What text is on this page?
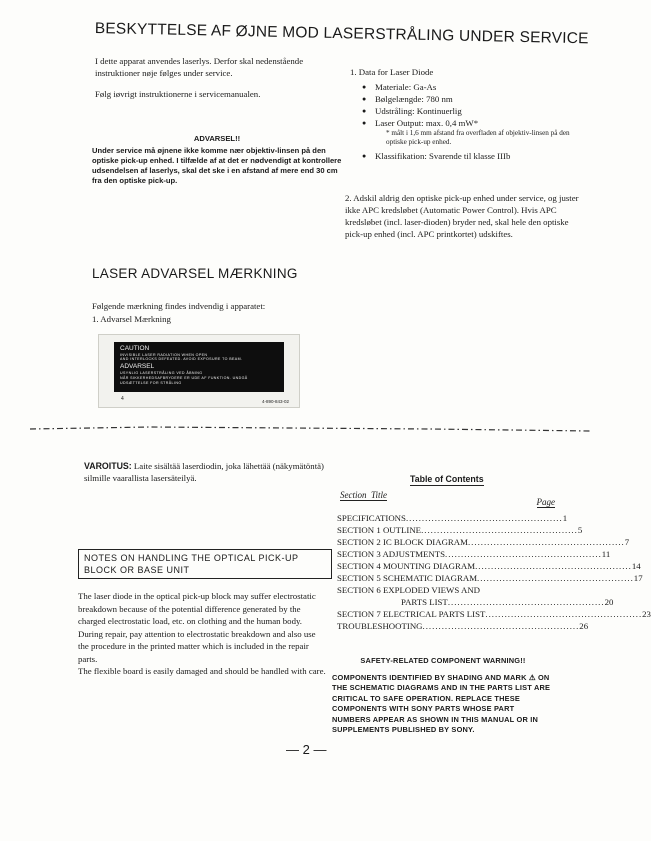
BESKYTTELSE AF ØJNE MOD LASERSTRÅLING UNDER SERVICE

I dette apparat anvendes laserlys. Derfor skal nedenstående instruktioner nøje følges under service.

Følg iøvrigt instruktionerne i servicemanualen.

ADVARSEL!!
Under service må øjnene ikke komme nær objektiv-linsen på den optiske pick-up enhed. I tilfælde af at det er nødvendigt at kontrollere udsendelsen af laserlys, skal det ske i en afstand af mere end 30 cm fra den optiske pick-up.
1. Data for Laser Diode
● Materiale: Ga-As
● Bølgelængde: 780 nm
● Udstråling: Kontinuerlig
● Laser Output: max. 0,4 mW*
* målt i 1,6 mm afstand fra overfladen af objektiv-linsen på den optiske pick-up enhed.
● Klassifikation: Svarende til klasse IIIb
2. Adskil aldrig den optiske pick-up enhed under service, og juster ikke APC kredsløbet (Automatic Power Control). Hvis APC kredsløbet (incl. laser-dioden) bryder ned, skal hele den optiske pick-up enhed (incl. APC printkortet) udskiftes.
LASER ADVARSEL MÆRKNING
Følgende mærkning findes indvendig i apparatet:
1. Advarsel Mærkning
CAUTION
INVISIBLE LASER RADIATION WHEN OPEN
AND INTERLOCKS DEFEATED. AVOID EXPOSURE TO BEAM.
ADVARSEL
USYNLIG LASERSTRÅLING VED ÅBNING
NÅR SIKKERHEDSAFBRYDERE ER UDE AF FUNKTION. UNDGÅ
UDSÆTTELSE FOR STRÅLING
4	4-890-843-02
VAROITUS: Laite sisältää laserdiodin, joka lähettää (näkymätöntä) silmille vaarallista lasersäteilyä.
NOTES ON HANDLING THE OPTICAL PICK-UP BLOCK OR BASE UNIT
The laser diode in the optical pick-up block may suffer electrostatic breakdown because of the potential difference generated by the charged electrostatic load, etc. on clothing and the human body.
During repair, pay attention to electrostatic breakdown and also use the procedure in the printed matter which is included in the repair parts.
The flexible board is easily damaged and should be handled with care.
Table of Contents
Section Title
Page
SPECIFICATIONS ................................................. 1
SECTION 1 OUTLINE ................................................. 5
SECTION 2 IC BLOCK DIAGRAM ................................................. 7
SECTION 3 ADJUSTMENTS ................................................. 11
SECTION 4 MOUNTING DIAGRAM ................................................. 14
SECTION 5 SCHEMATIC DIAGRAM ................................................. 17
SECTION 6 EXPLODED VIEWS AND
PARTS LIST ................................................. 20
SECTION 7 ELECTRICAL PARTS LIST ................................................. 23
TROUBLESHOOTING ................................................. 26
SAFETY-RELATED COMPONENT WARNING!!
COMPONENTS IDENTIFIED BY SHADING AND MARK ⚠ ON THE SCHEMATIC DIAGRAMS AND IN THE PARTS LIST ARE CRITICAL TO SAFE OPERATION. REPLACE THESE COMPONENTS WITH SONY PARTS WHOSE PART NUMBERS APPEAR AS SHOWN IN THIS MANUAL OR IN SUPPLEMENTS PUBLISHED BY SONY.
— 2 —
